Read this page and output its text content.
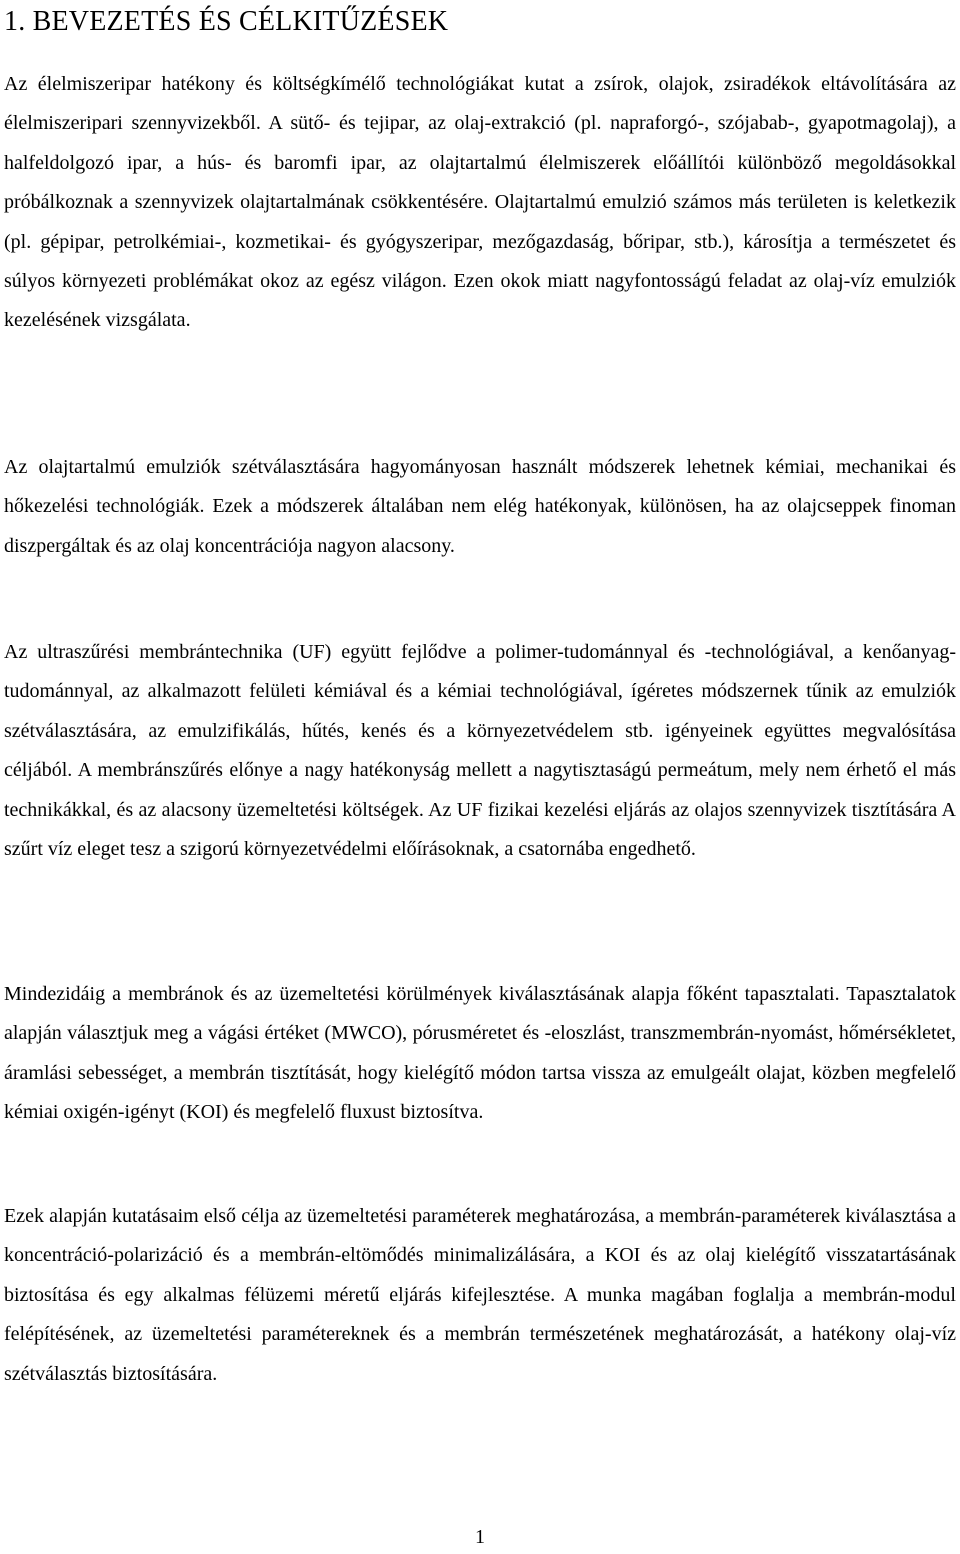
1. BEVEZETÉS ÉS CÉLKITŰZÉSEK

Az élelmiszeripar hatékony és költségkímélő technológiákat kutat a zsírok, olajok, zsiradékok eltávolítására az élelmiszeripari szennyvizekből. A sütő- és tejipar, az olaj-extrakció (pl. napraforgó-, szójabab-, gyapotmagolaj), a halfeldolgozó ipar, a hús- és baromfi ipar, az olajtartalmú élelmiszerek előállítói különböző megoldásokkal próbálkoznak a szennyvizek olajtartalmának csökkentésére. Olajtartalmú emulzió számos más területen is keletkezik (pl. gépipar, petrolkémiai-, kozmetikai- és gyógyszeripar, mezőgazdaság, bőripar, stb.), károsítja a természetet és súlyos környezeti problémákat okoz az egész világon. Ezen okok miatt nagyfontosságú feladat az olaj-víz emulziók kezelésének vizsgálata.

Az olajtartalmú emulziók szétválasztására hagyományosan használt módszerek lehetnek kémiai, mechanikai és hőkezelési technológiák. Ezek a módszerek általában nem elég hatékonyak, különösen, ha az olajcseppek finoman diszpergáltak és az olaj koncentrációja nagyon alacsony.

Az ultraszűrési membrántechnika (UF) együtt fejlődve a polimer-tudománnyal és -technológiával, a kenőanyag-tudománnyal, az alkalmazott felületi kémiával és a kémiai technológiával, ígéretes módszernek tűnik az emulziók szétválasztására, az emulzifikálás, hűtés, kenés és a környezetvédelem stb. igényeinek együttes megvalósítása céljából. A membránszűrés előnye a nagy hatékonyság mellett a nagytisztaságú permeátum, mely nem érhető el más technikákkal, és az alacsony üzemeltetési költségek. Az UF fizikai kezelési eljárás az olajos szennyvizek tisztítására A szűrt víz eleget tesz a szigorú környezetvédelmi előírásoknak, a csatornába engedhető.

Mindezidáig a membránok és az üzemeltetési körülmények kiválasztásának alapja főként tapasztalati. Tapasztalatok alapján választjuk meg a vágási értéket (MWCO), pórusméretet és -eloszlást, transzmembrán-nyomást, hőmérsékletet, áramlási sebességet, a membrán tisztítását, hogy kielégítő módon tartsa vissza az emulgeált olajat, közben megfelelő kémiai oxigén-igényt (KOI) és megfelelő fluxust biztosítva.

Ezek alapján kutatásaim első célja az üzemeltetési paraméterek meghatározása, a membrán-paraméterek kiválasztása a koncentráció-polarizáció és a membrán-eltömődés minimalizálására, a KOI és az olaj kielégítő visszatartásának biztosítása és egy alkalmas félüzemi méretű eljárás kifejlesztése. A munka magában foglalja a membrán-modul felépítésének, az üzemeltetési paramétereknek és a membrán természetének meghatározását, a hatékony olaj-víz szétválasztás biztosítására.

1
